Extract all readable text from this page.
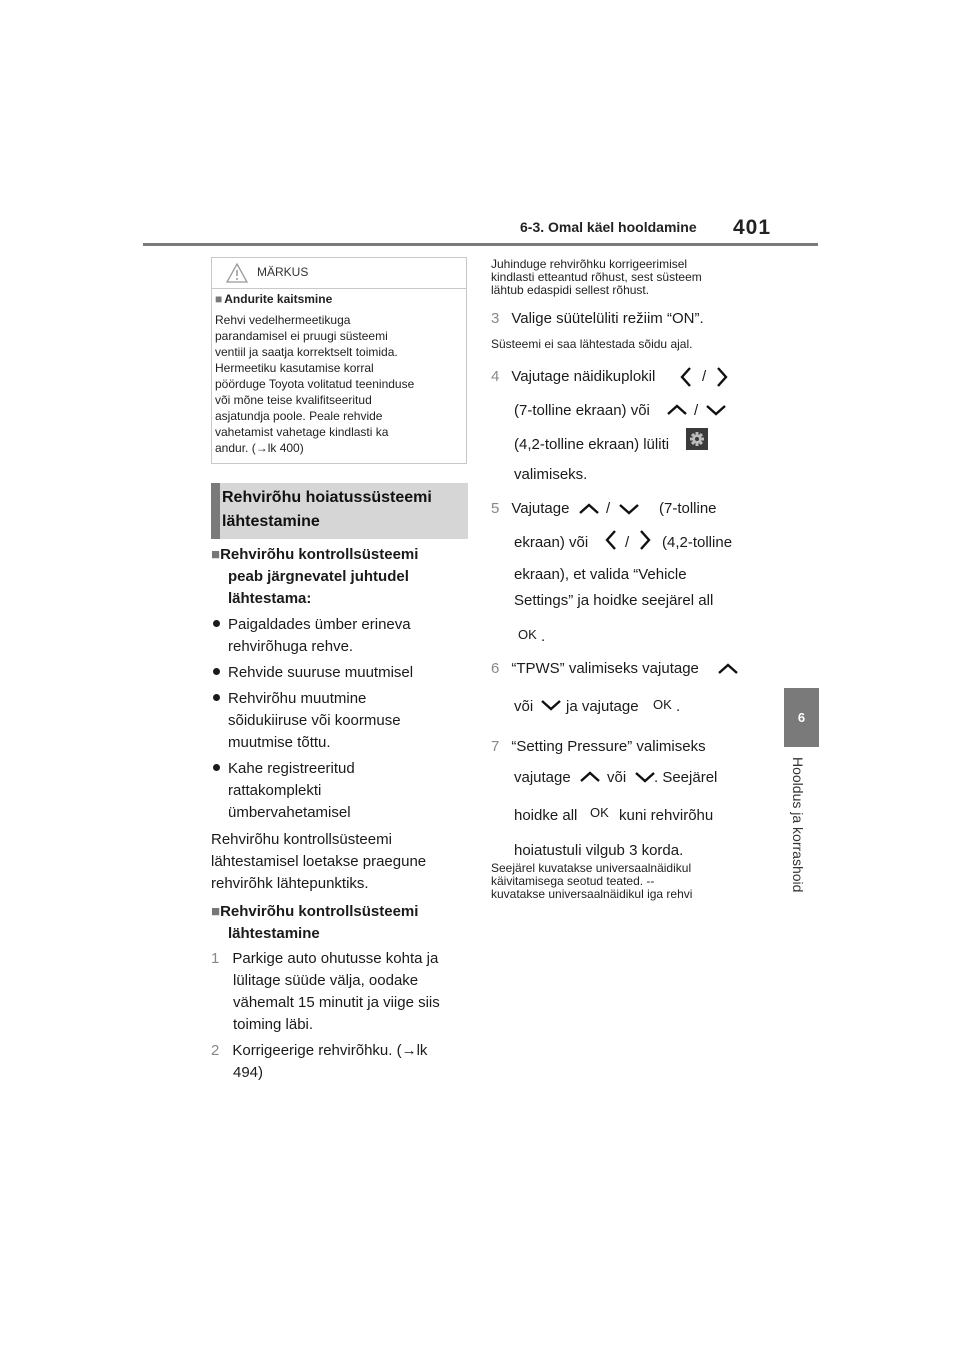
6-3. Omal käel hooldamine 401
6
Hooldus ja korrashoid
MÄRKUS
■ Andurite kaitsmine
Rehvi vedelhermeetikuga
parandamisel ei pruugi süsteemi
ventiil ja saatja korrektselt toimida.
Hermeetiku kasutamise korral
pöörduge Toyota volitatud teeninduse
või mõne teise kvalifitseeritud
asjatundja poole. Peale rehvide
vahetamist vahetage kindlasti ka
andur. (→lk 400)
Rehvirõhu hoiatussüsteemi
lähtestamine
■Rehvirõhu kontrollsüsteemi
peab järgnevatel juhtudel
lähtestama:
Paigaldades ümber erineva
rehvirõhuga rehve.
Rehvide suuruse muutmisel
Rehvirõhu muutmine
sõidukiiruse või koormuse
muutmise tõttu.
Kahe registreeritud
rattakomplekti
ümbervahetamisel
Rehvirõhu kontrollsüsteemi
lähtestamisel loetakse praegune
rehvirõhk lähtepunktiks.
■Rehvirõhu kontrollsüsteemi
lähtestamine
1 Parkige auto ohutusse kohta ja
lülitage süüde välja, oodake
vähemalt 15 minutit ja viige siis
toiming läbi.
2 Korrigeerige rehvirõhku. (→lk
494)
Juhinduge rehvirõhku korrigeerimisel
kindlasti etteantud rõhust, sest süsteem
lähtub edaspidi sellest rõhust.
3 Valige süütelüliti režiim “ON”.
Süsteemi ei saa lähtestada sõidu ajal.
4 Vajutage näidikuplokil	/
(7-tolline ekraan) või	/
(4,2-tolline ekraan) lüliti
valimiseks.
5 Vajutage /	(7-tolline
ekraan) või / (4,2-tolline
ekraan), et valida “Vehicle
Settings” ja hoidke seejärel all
OK .
6 “TPWS” valimiseks vajutage
või ja vajutage OK .
7 “Setting Pressure” valimiseks
vajutage või . Seejärel
hoidke all OK kuni rehvirõhu
hoiatustuli vilgub 3 korda.
Seejärel kuvatakse universaalnäidikul
käivitamisega seotud teated. --
kuvatakse universaalnäidikul iga rehvi
